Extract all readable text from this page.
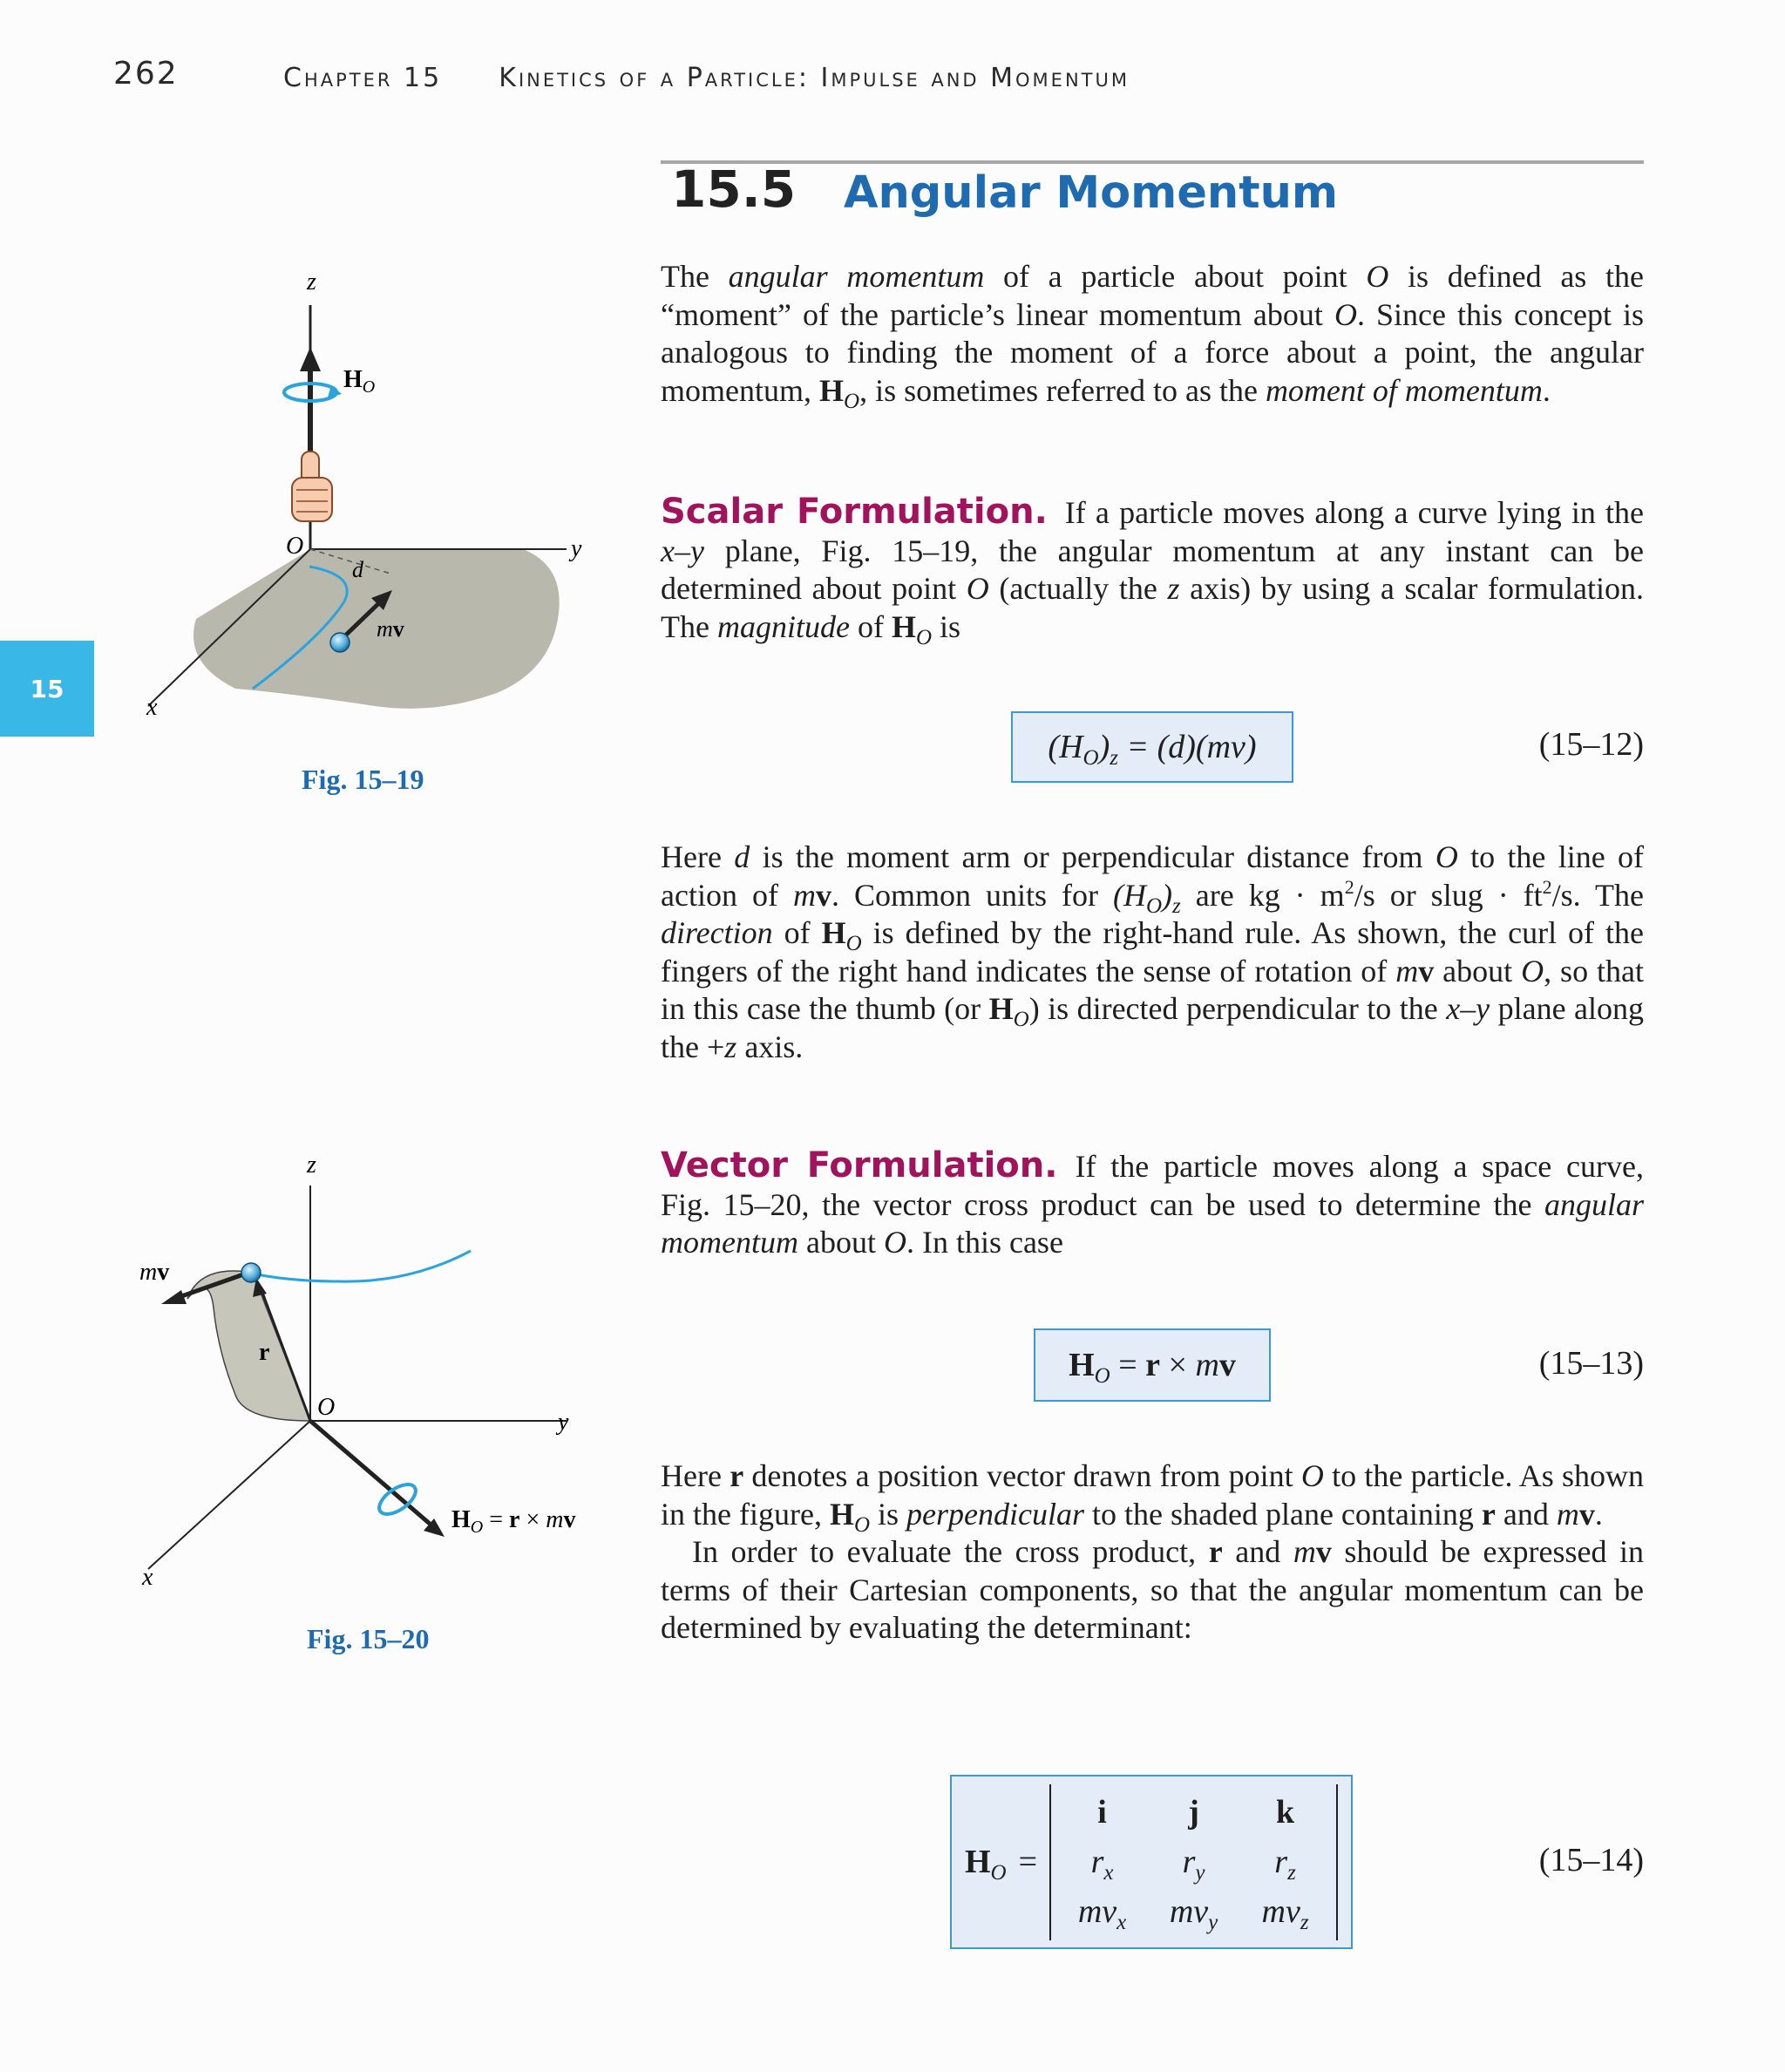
262	Chapter 15 Kinetics of a Particle: Impulse and Momentum
15
15.5 Angular Momentum
The angular momentum of a particle about point O is defined as the “moment” of the particle’s linear momentum about O. Since this concept is analogous to finding the moment of a force about a point, the angular momentum, $H_O$, is sometimes referred to as the moment of momentum.
Scalar Formulation. If a particle moves along a curve lying in the x–y plane, Fig. 15–19, the angular momentum at any instant can be determined about point O (actually the z axis) by using a scalar formulation. The magnitude of $H_O$ is
$(H_O)_z = (d)(mv)$	(15–12)
Here d is the moment arm or perpendicular distance from O to the line of action of mv. Common units for $(H_O)_z$ are kg · $m^2/s$ or slug · $ft^2/s$. The direction of $H_O$ is defined by the right-hand rule. As shown, the curl of the fingers of the right hand indicates the sense of rotation of mv about O, so that in this case the thumb (or $H_O$) is directed perpendicular to the x–y plane along the +z axis.
Vector Formulation. If the particle moves along a space curve, Fig. 15–20, the vector cross product can be used to determine the angular momentum about O. In this case
$H_O = r$ × mv	(15–13)
Here r denotes a position vector drawn from point O to the particle. As shown in the figure, $H_O$ is perpendicular to the shaded plane containing r and mv.
In order to evaluate the cross product, r and mv should be expressed in terms of their Cartesian components, so that the angular momentum can be determined by evaluating the determinant:
$H_O$ =
i	j	k
$r_x$	$r_y$	$r_z$
$mv_x$	$mv_y$	$mv_z$
(15–14)
z
y
x
O
d
$H_O$
mv
Fig. 15–19
z
y
x
O
r
mv
$H_O = r$ × mv
Fig. 15–20
